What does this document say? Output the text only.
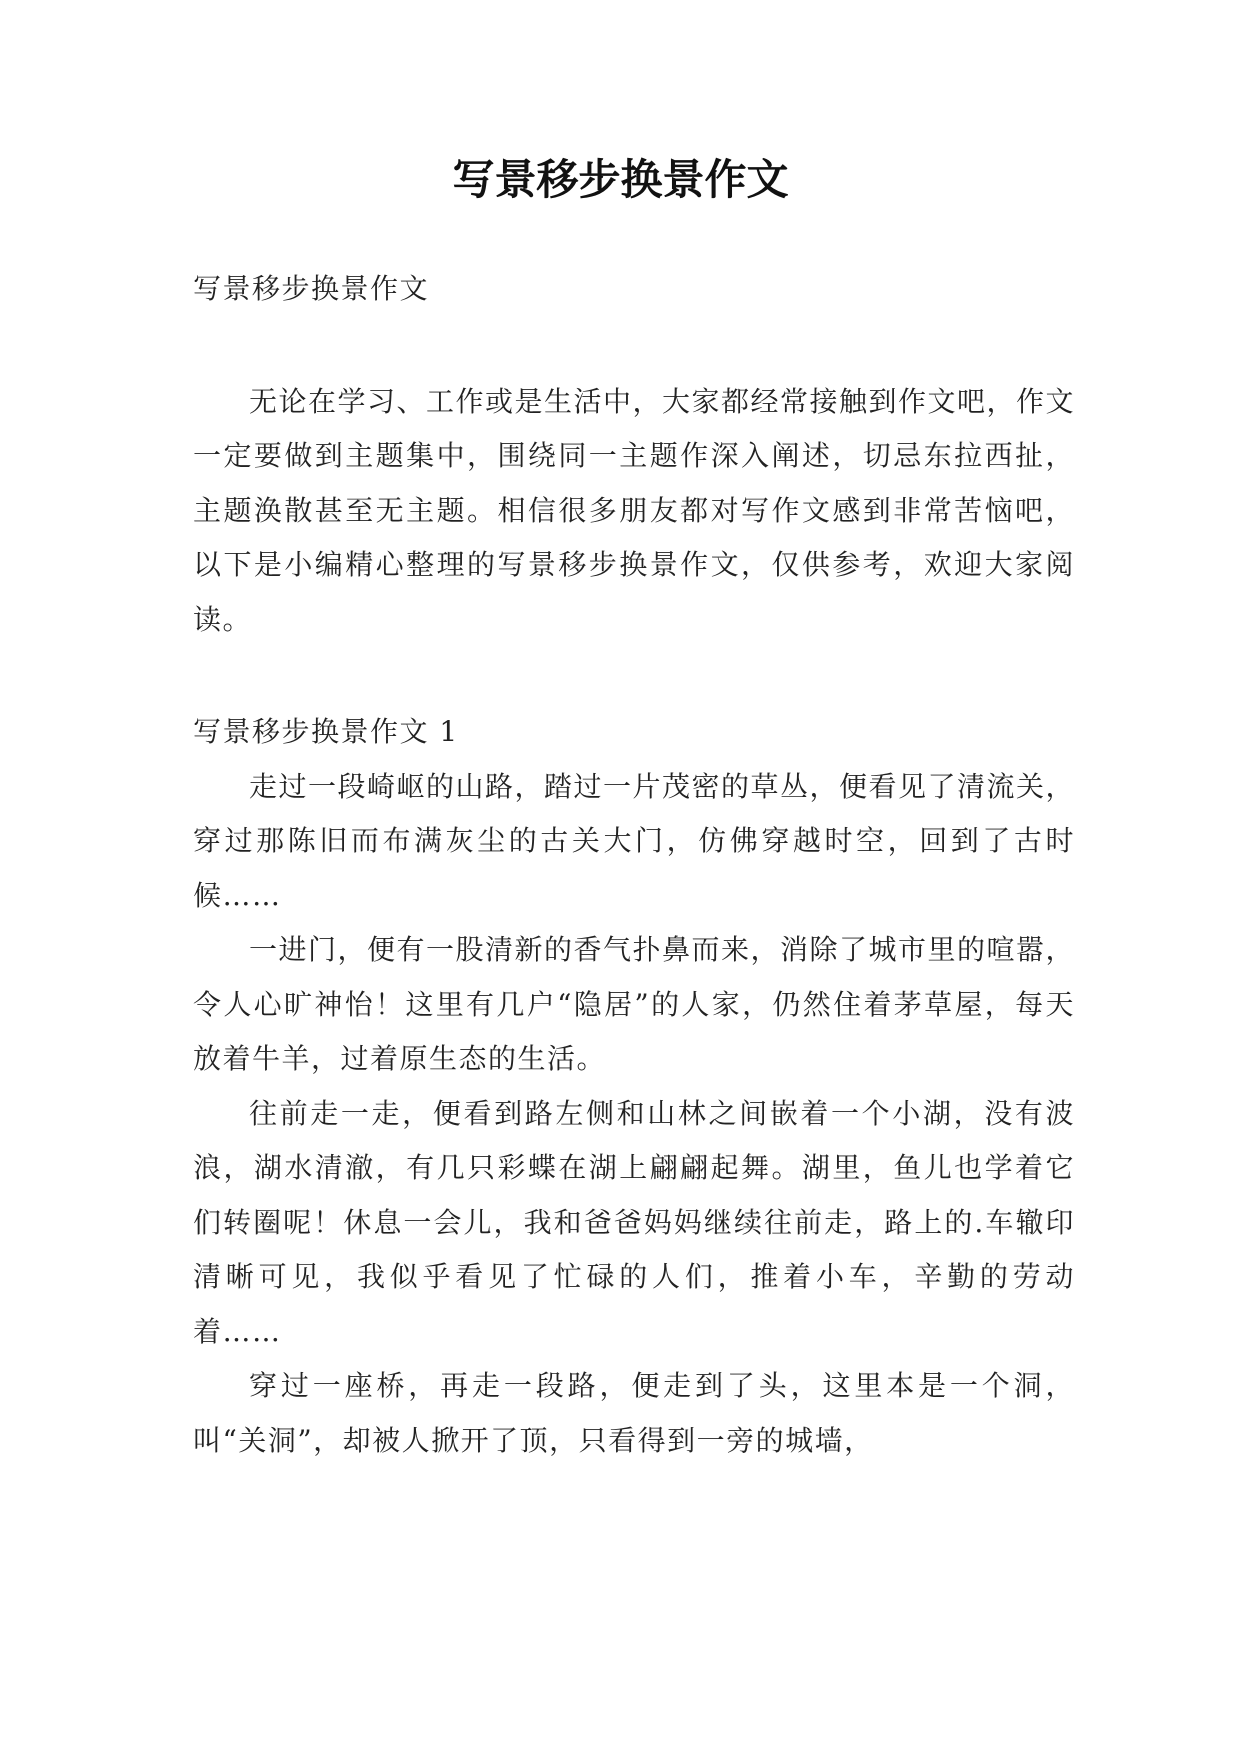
写景移步换景作文

写景移步换景作文

无论在学习、工作或是生活中，大家都经常接触到作文吧，作文一定要做到主题集中，围绕同一主题作深入阐述，切忌东拉西扯，主题涣散甚至无主题。相信很多朋友都对写作文感到非常苦恼吧，以下是小编精心整理的写景移步换景作文，仅供参考，欢迎大家阅读。

写景移步换景作文 1

走过一段崎岖的山路，踏过一片茂密的草丛，便看见了清流关，穿过那陈旧而布满灰尘的古关大门，仿佛穿越时空，回到了古时候……

一进门，便有一股清新的香气扑鼻而来，消除了城市里的喧嚣，令人心旷神怡！这里有几户“隐居”的人家，仍然住着茅草屋，每天放着牛羊，过着原生态的生活。

往前走一走，便看到路左侧和山林之间嵌着一个小湖，没有波浪，湖水清澈，有几只彩蝶在湖上翩翩起舞。湖里，鱼儿也学着它们转圈呢！休息一会儿，我和爸爸妈妈继续往前走，路上的.车辙印清晰可见，我似乎看见了忙碌的人们，推着小车，辛勤的劳动着……

穿过一座桥，再走一段路，便走到了头，这里本是一个洞，叫“关洞”，却被人掀开了顶，只看得到一旁的城墙，
